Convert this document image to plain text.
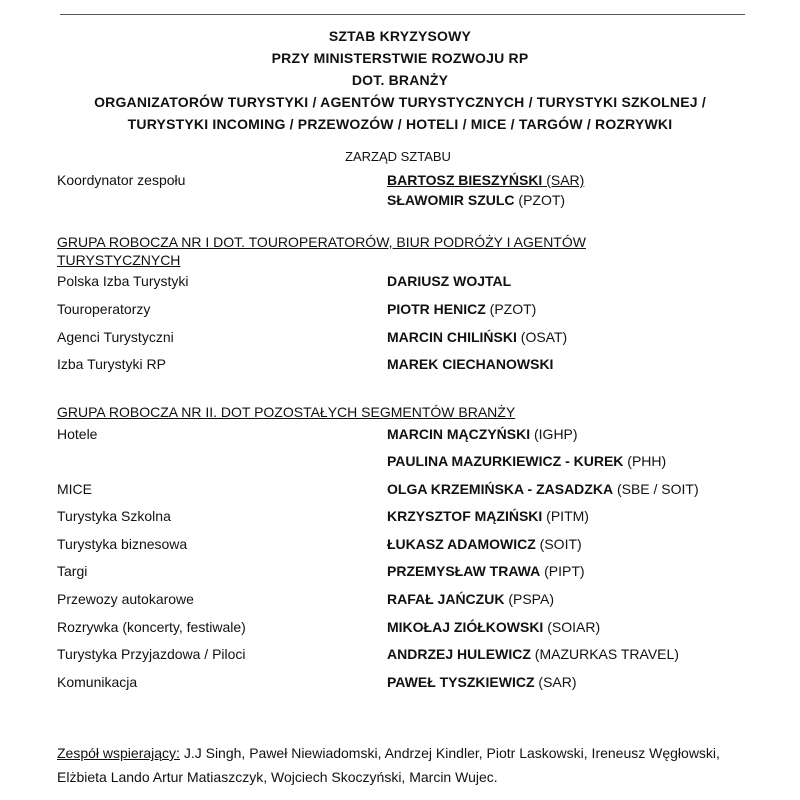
SZTAB KRYZYSOWY
PRZY MINISTERSTWIE ROZWOJU RP
DOT. BRANŻY
ORGANIZATORÓW TURYSTYKI / AGENTÓW TURYSTYCZNYCH / TURYSTYKI SZKOLNEJ /
TURYSTYKI INCOMING / PRZEWOZÓW / HOTELI / MICE / TARGÓW / ROZRYWKI
ZARZĄD SZTABU
Koordynator zespołu	BARTOSZ BIESZYŃSKI (SAR)
SŁAWOMIR SZULC (PZOT)
GRUPA ROBOCZA NR I DOT. TOUROPERATORÓW, BIUR PODRÓŻY I AGENTÓW TURYSTYCZNYCH
Polska Izba Turystyki	DARIUSZ WOJTAL
Touroperatorzy	PIOTR HENICZ (PZOT)
Agenci Turystyczni	MARCIN CHILIŃSKI (OSAT)
Izba Turystyki RP	MAREK CIECHANOWSKI
GRUPA ROBOCZA NR II. DOT POZOSTAŁYCH SEGMENTÓW BRANŻY
Hotele	MARCIN MĄCZYŃSKI (IGHP)
PAULINA MAZURKIEWICZ - KUREK (PHH)
MICE	OLGA KRZEMIŃSKA - ZASADZKA (SBE / SOIT)
Turystyka Szkolna	KRZYSZTOF MĄZIŃSKI (PITM)
Turystyka biznesowa	ŁUKASZ ADAMOWICZ (SOIT)
Targi	PRZEMYSŁAW TRAWA (PIPT)
Przewozy autokarowe	RAFAŁ JAŃCZUK (PSPA)
Rozrywka (koncerty, festiwale)	MIKOŁAJ ZIÓŁKOWSKI (SOIAR)
Turystyka Przyjazdowa / Piloci	ANDRZEJ HULEWICZ (MAZURKAS TRAVEL)
Komunikacja	PAWEŁ TYSZKIEWICZ (SAR)
Zespół wspierający: J.J Singh, Paweł Niewiadomski, Andrzej Kindler, Piotr Laskowski, Ireneusz Węgłowski, Elżbieta Lando Artur Matiaszczyk, Wojciech Skoczyński, Marcin Wujec.
